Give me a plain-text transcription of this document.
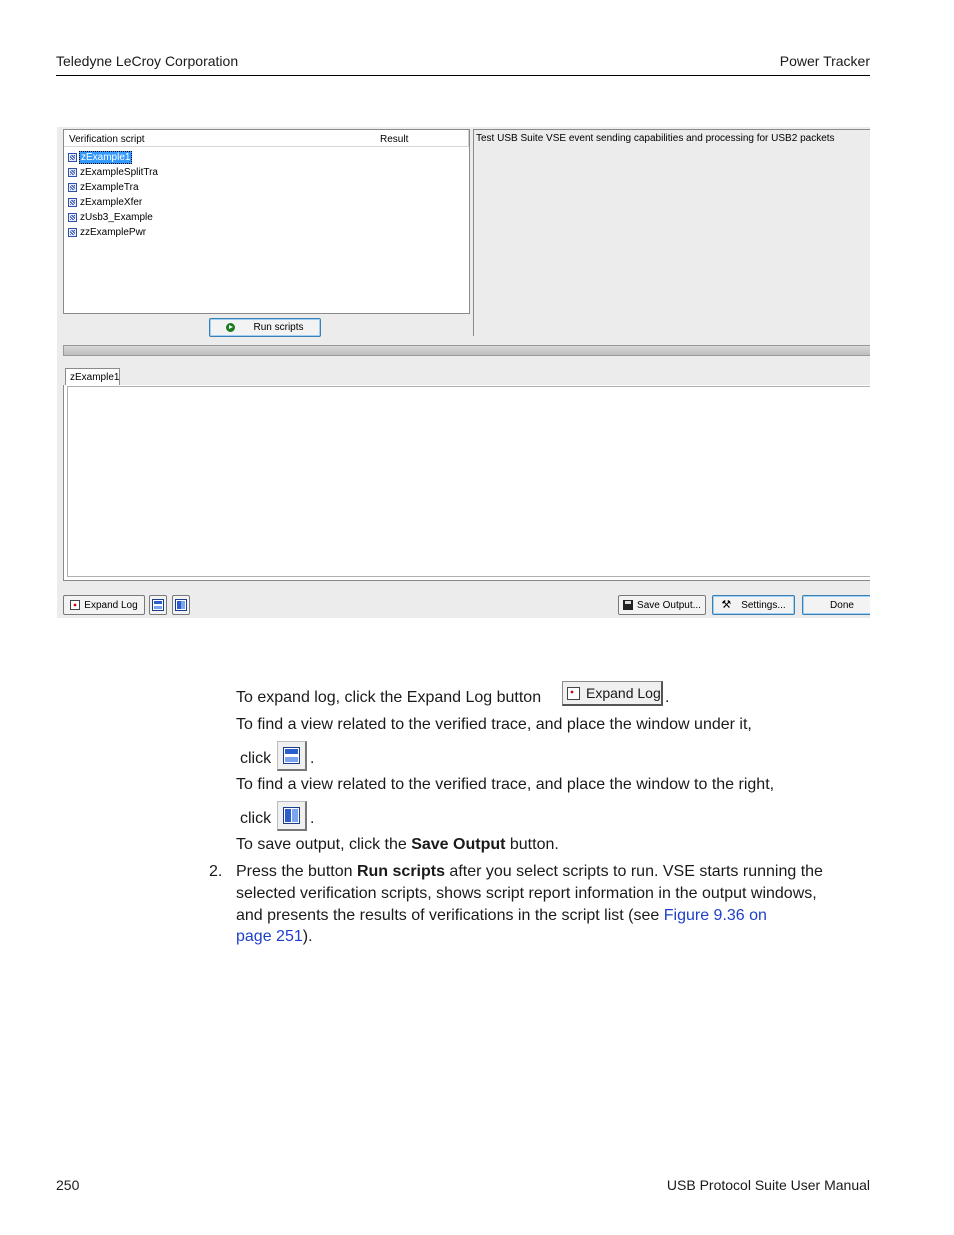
Teledyne LeCroy Corporation	Power Tracker
Verification script	Result
zExample1
zExampleSplitTra
zExampleTra
zExampleXfer
zUsb3_Example
zzExamplePwr
Test USB Suite VSE event sending capabilities and processing for USB2 packets
Run scripts
zExample1
Expand Log	Save Output... ⚒ Settings...	Done
To expand log, click the Expand Log button	Expand Log .
To find a view related to the verified trace, and place the window under it,
click .
To find a view related to the verified trace, and place the window to the right,
click .
To save output, click the Save Output button.
2. Press the button Run scripts after you select scripts to run. VSE starts running the
selected verification scripts, shows script report information in the output windows,
and presents the results of verifications in the script list (see Figure 9.36 on
page 251).
250	USB Protocol Suite User Manual
